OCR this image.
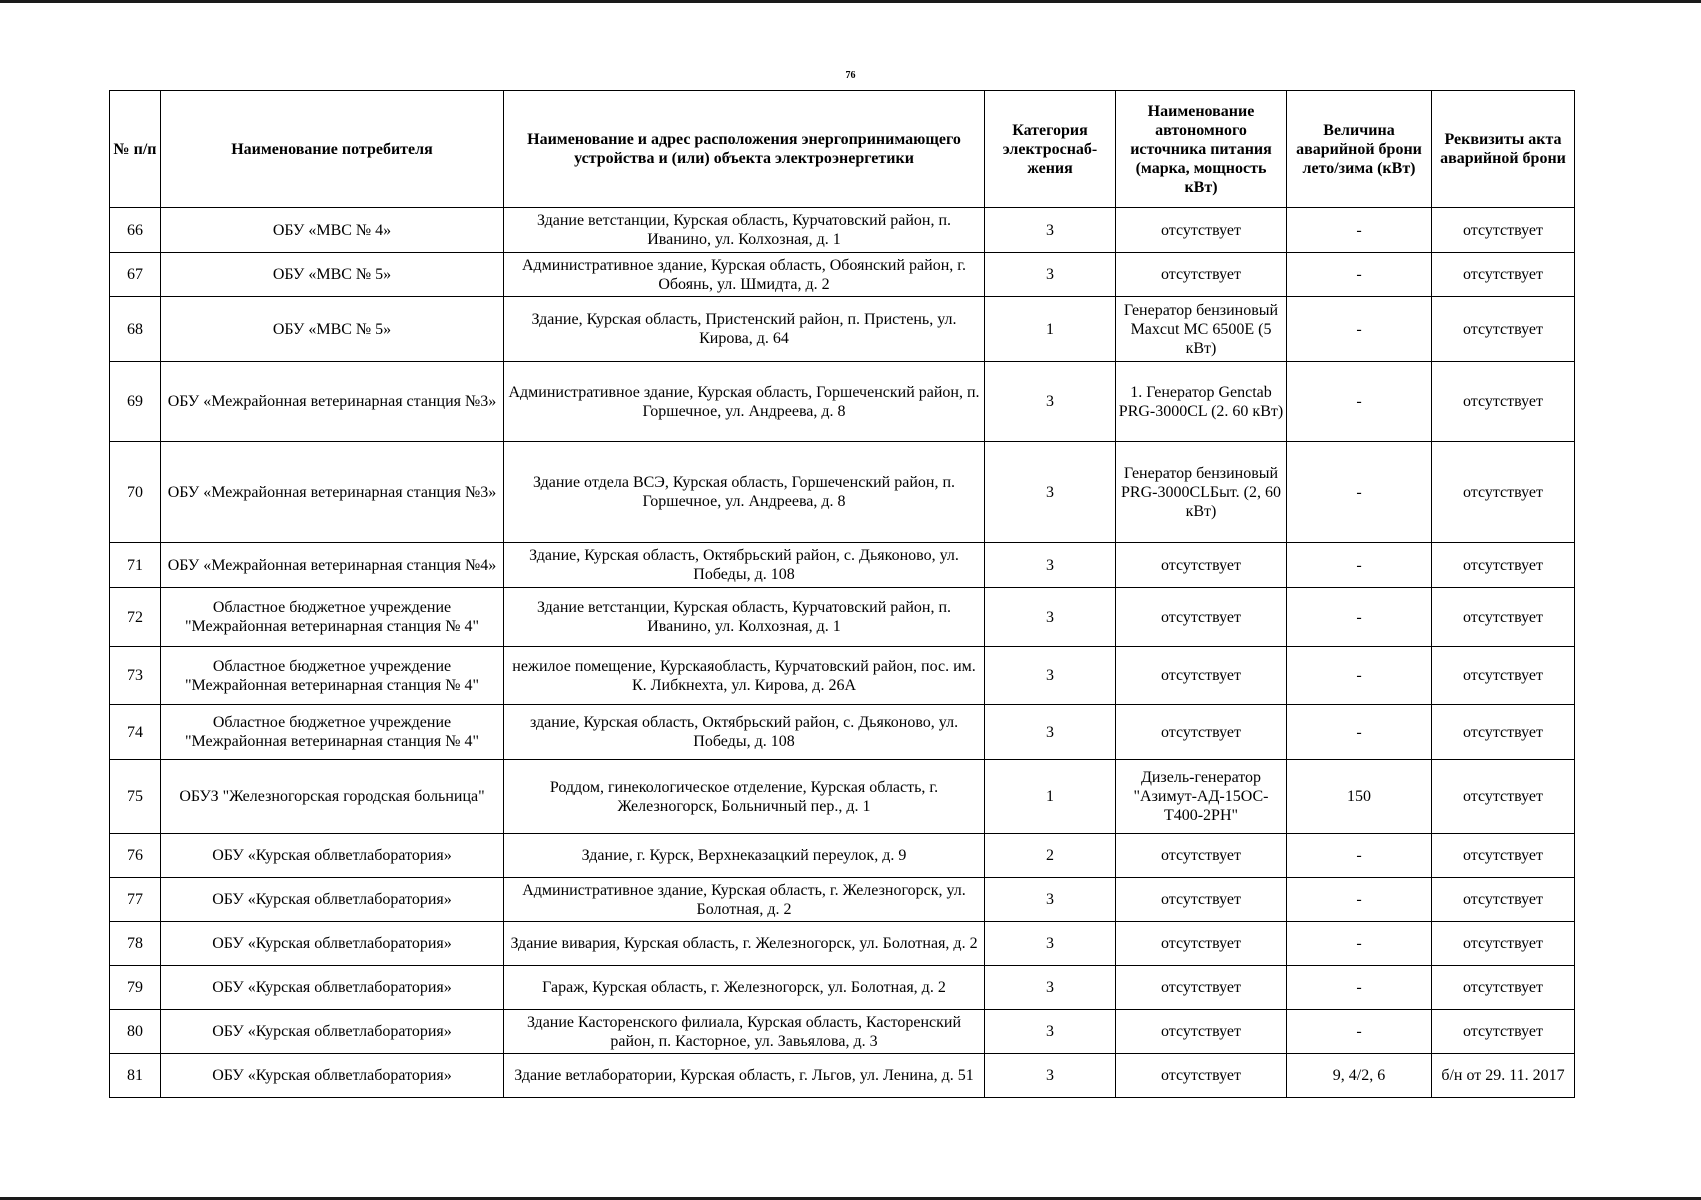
76
№ п/п	Наименование потребителя	Наименование и адрес расположения энергопринимающего устройства и (или) объекта электроэнергетики	Категория электроснаб-жения	Наименование автономного источника питания (марка, мощность кВт)	Величина аварийной брони лето/зима (кВт)	Реквизиты акта аварийной брони
66	ОБУ «МВС № 4»	Здание ветстанции, Курская область, Курчатовский район, п. Иванино, ул. Колхозная, д. 1	3	отсутствует	-	отсутствует
67	ОБУ «МВС № 5»	Административное здание, Курская область, Обоянский район, г. Обоянь, ул. Шмидта, д. 2	3	отсутствует	-	отсутствует
68	ОБУ «МВС № 5»	Здание, Курская область, Пристенский район, п. Пристень, ул. Кирова, д. 64	1	Генератор бензиновый Maxcut MC 6500E (5 кВт)	-	отсутствует
69	ОБУ «Межрайонная ветеринарная станция №3»	Административное здание, Курская область, Горшеченский район, п. Горшечное, ул. Андреева, д. 8	3	1. Генератор Genctab PRG-3000CL (2. 60 кВт)	-	отсутствует
70	ОБУ «Межрайонная ветеринарная станция №3»	Здание отдела ВСЭ, Курская область, Горшеченский район, п. Горшечное, ул. Андреева, д. 8	3	Генератор бензиновый PRG-3000CLБыт. (2, 60 кВт)	-	отсутствует
71	ОБУ «Межрайонная ветеринарная станция №4»	Здание, Курская область, Октябрьский район, с. Дьяконово, ул. Победы, д. 108	3	отсутствует	-	отсутствует
72	Областное бюджетное учреждение "Межрайонная ветеринарная станция № 4"	Здание ветстанции, Курская область, Курчатовский район, п. Иванино, ул. Колхозная, д. 1	3	отсутствует	-	отсутствует
73	Областное бюджетное учреждение "Межрайонная ветеринарная станция № 4"	нежилое помещение, Курскаяобласть, Курчатовский район, пос. им. К. Либкнехта, ул. Кирова, д. 26А	3	отсутствует	-	отсутствует
74	Областное бюджетное учреждение "Межрайонная ветеринарная станция № 4"	здание, Курская область, Октябрьский район, с. Дьяконово, ул. Победы, д. 108	3	отсутствует	-	отсутствует
75	ОБУЗ "Железногорская городская больница"	Роддом, гинекологическое отделение, Курская область, г. Железногорск, Больничный пер., д. 1	1	Дизель-генератор "Азимут-АД-15ОС-Т400-2РН"	150	отсутствует
76	ОБУ «Курская облветлаборатория»	Здание, г. Курск, Верхнеказацкий переулок, д. 9	2	отсутствует	-	отсутствует
77	ОБУ «Курская облветлаборатория»	Административное здание, Курская область, г. Железногорск, ул. Болотная, д. 2	3	отсутствует	-	отсутствует
78	ОБУ «Курская облветлаборатория»	Здание вивария, Курская область, г. Железногорск, ул. Болотная, д. 2	3	отсутствует	-	отсутствует
79	ОБУ «Курская облветлаборатория»	Гараж, Курская область, г. Железногорск, ул. Болотная, д. 2	3	отсутствует	-	отсутствует
80	ОБУ «Курская облветлаборатория»	Здание Касторенского филиала, Курская область, Касторенский район, п. Касторное, ул. Завьялова, д. 3	3	отсутствует	-	отсутствует
81	ОБУ «Курская облветлаборатория»	Здание ветлаборатории, Курская область, г. Льгов, ул. Ленина, д. 51	3	отсутствует	9, 4/2, 6	б/н от 29. 11. 2017
